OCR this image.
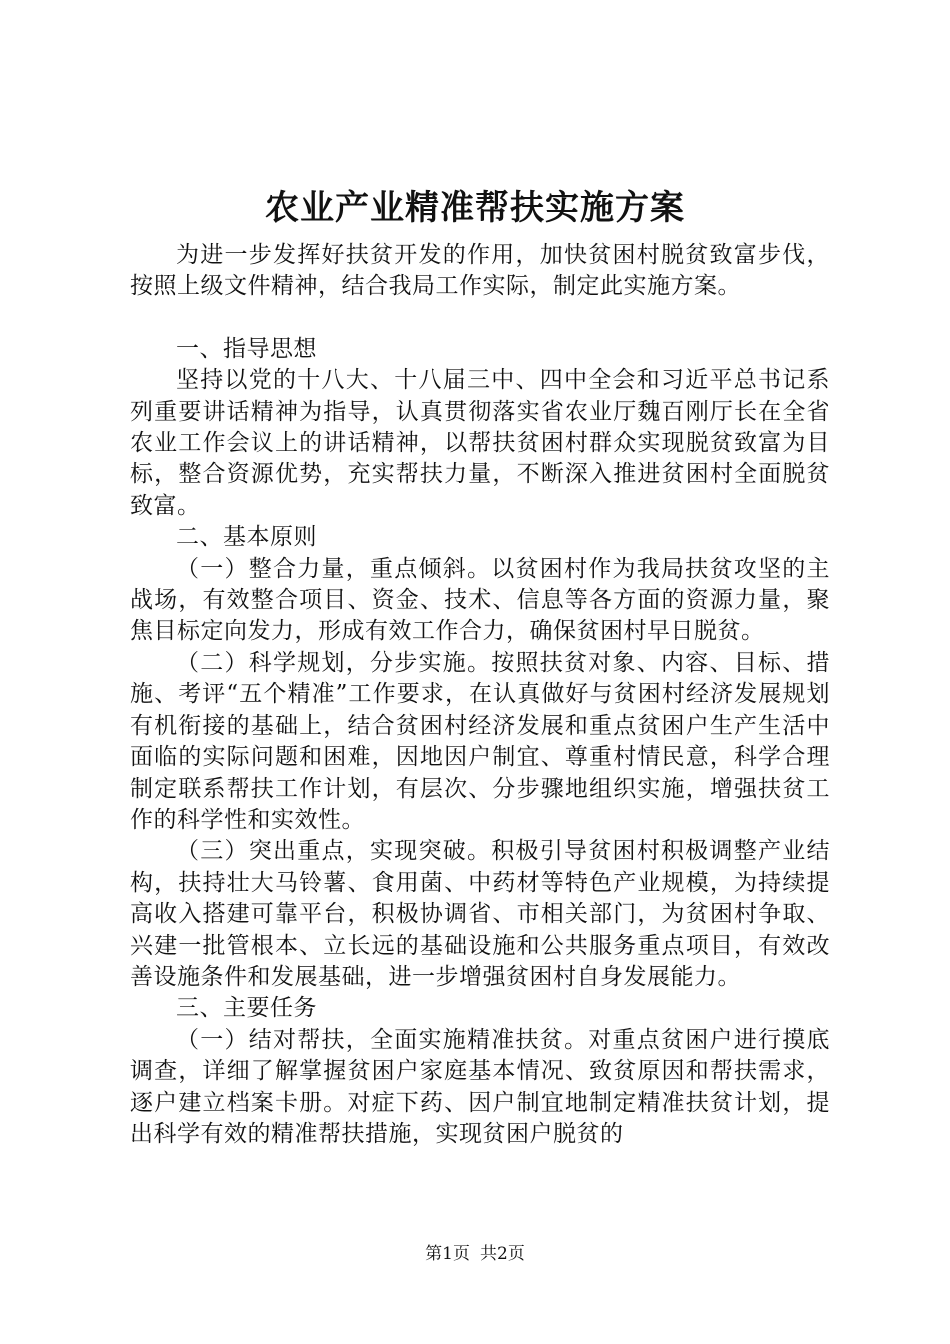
农业产业精准帮扶实施方案

为进一步发挥好扶贫开发的作用，加快贫困村脱贫致富步伐，按照上级文件精神，结合我局工作实际，制定此实施方案。

一、指导思想

坚持以党的十八大、十八届三中、四中全会和习近平总书记系列重要讲话精神为指导，认真贯彻落实省农业厅魏百刚厅长在全省农业工作会议上的讲话精神，以帮扶贫困村群众实现脱贫致富为目标，整合资源优势，充实帮扶力量，不断深入推进贫困村全面脱贫致富。

二、基本原则

（一）整合力量，重点倾斜。以贫困村作为我局扶贫攻坚的主战场，有效整合项目、资金、技术、信息等各方面的资源力量，聚焦目标定向发力，形成有效工作合力，确保贫困村早日脱贫。

（二）科学规划，分步实施。按照扶贫对象、内容、目标、措施、考评“五个精准”工作要求，在认真做好与贫困村经济发展规划有机衔接的基础上，结合贫困村经济发展和重点贫困户生产生活中面临的实际问题和困难，因地因户制宜、尊重村情民意，科学合理制定联系帮扶工作计划，有层次、分步骤地组织实施，增强扶贫工作的科学性和实效性。

（三）突出重点，实现突破。积极引导贫困村积极调整产业结构，扶持壮大马铃薯、食用菌、中药材等特色产业规模，为持续提高收入搭建可靠平台，积极协调省、市相关部门，为贫困村争取、兴建一批管根本、立长远的基础设施和公共服务重点项目，有效改善设施条件和发展基础，进一步增强贫困村自身发展能力。

三、主要任务

（一）结对帮扶，全面实施精准扶贫。对重点贫困户进行摸底调查，详细了解掌握贫困户家庭基本情况、致贫原因和帮扶需求，逐户建立档案卡册。对症下药、因户制宜地制定精准扶贫计划，提出科学有效的精准帮扶措施，实现贫困户脱贫的

第1页 共2页
